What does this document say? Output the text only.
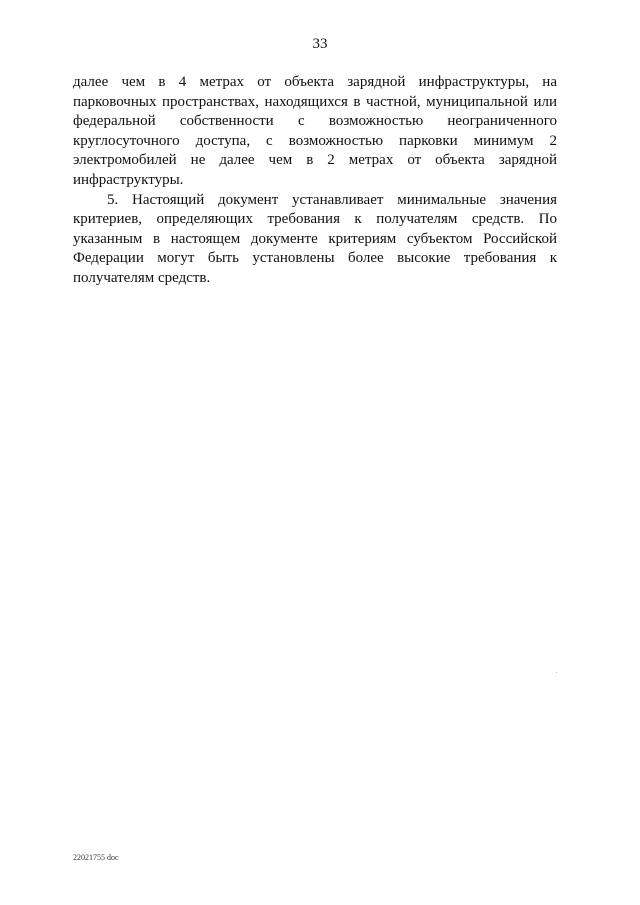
33

далее чем в 4 метрах от объекта зарядной инфраструктуры, на парковочных пространствах, находящихся в частной, муниципальной или федеральной собственности с возможностью неограниченного круглосуточного доступа, с возможностью парковки минимум 2 электромобилей не далее чем в 2 метрах от объекта зарядной инфраструктуры.

5. Настоящий документ устанавливает минимальные значения критериев, определяющих требования к получателям средств. По указанным в настоящем документе критериям субъектом Российской Федерации могут быть установлены более высокие требования к получателям средств.

22021755 doc
